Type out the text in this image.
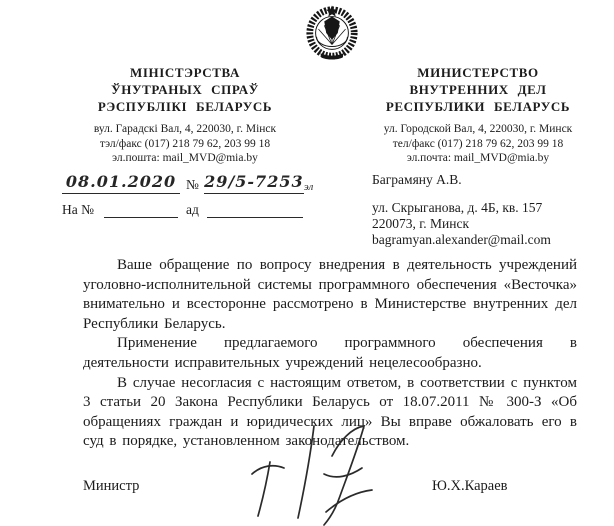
МІНІСТЭРСТВА
ЎНУТРАНЫХ СПРАЎ
РЭСПУБЛІКІ БЕЛАРУСЬ
вул. Гарадскі Вал, 4, 220030, г. Мінск
тэл/факс (017) 218 79 62, 203 99 18
эл.пошта: mail_MVD@mia.by
МИНИСТЕРСТВО
ВНУТРЕННИХ ДЕЛ
РЕСПУБЛИКИ БЕЛАРУСЬ
ул. Городской Вал, 4, 220030, г. Минск
тел/факс (017) 218 79 62, 203 99 18
эл.почта: mail_MVD@mia.by
08.01.2020 № 29/5-7253 эл
На №	ад
Баграмяну А.В.
ул. Скрыганова, д. 4Б, кв. 157
220073, г. Минск
bagramyan.alexander@mail.com

Ваше обращение по вопросу внедрения в деятельность учреждений уголовно-исполнительной системы программного обеспечения «Весточка» внимательно и всесторонне рассмотрено в Министерстве внутренних дел Республики Беларусь.

Применение предлагаемого программного обеспечения в деятельности исправительных учреждений нецелесообразно.

В случае несогласия с настоящим ответом, в соответствии с пунктом 3 статьи 20 Закона Республики Беларусь от 18.07.2011 № 300-З «Об обращениях граждан и юридических лиц» Вы вправе обжаловать его в суд в порядке, установленном законодательством.

Министр	Ю.Х.Караев
